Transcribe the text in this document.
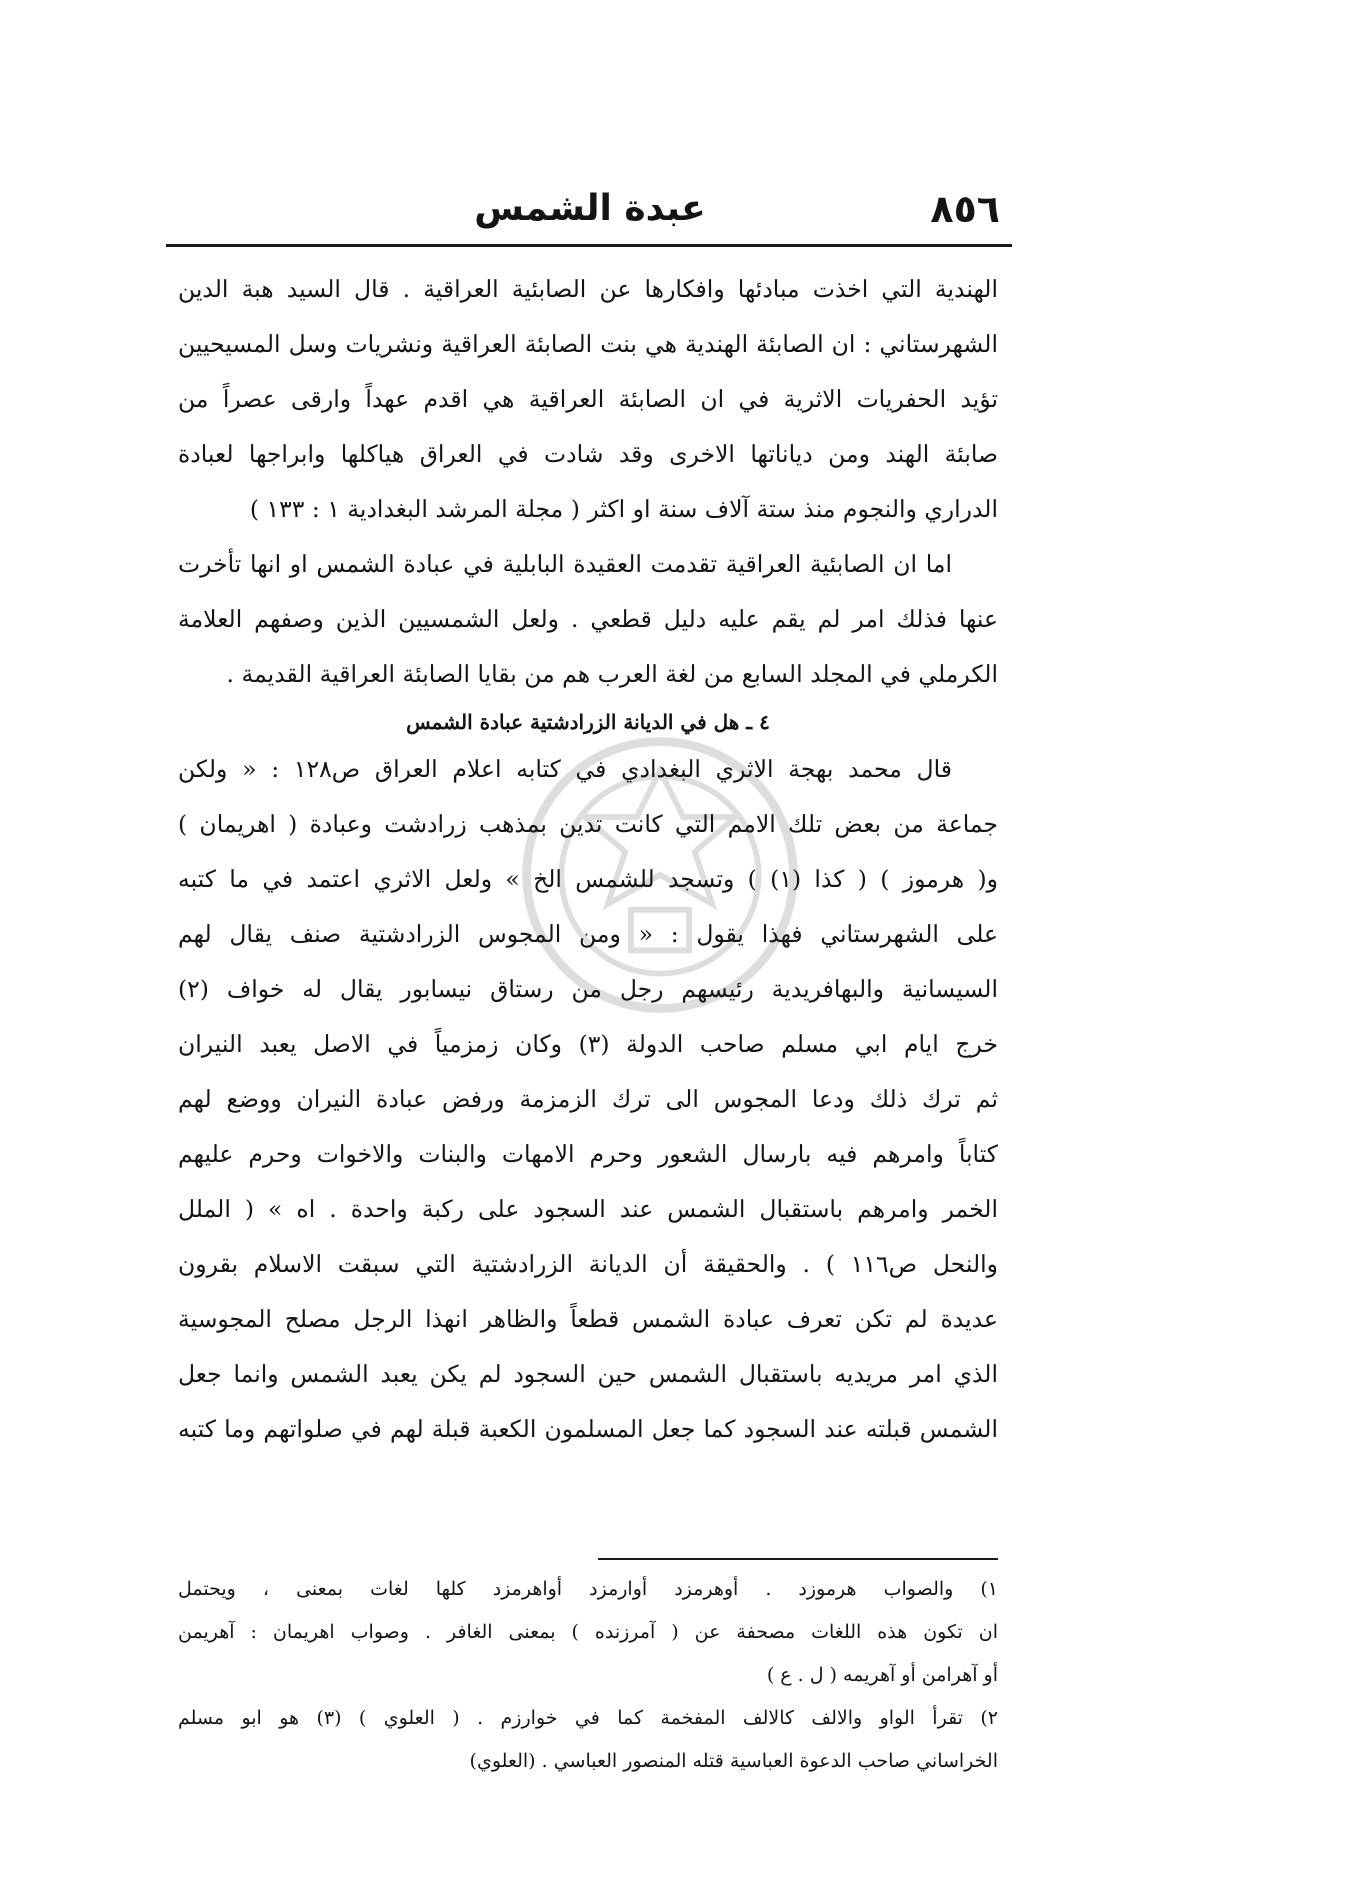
٨٥٦
عبدة الشمس
الهندية التي اخذت مبادئها وافكارها عن الصابئية العراقية . قال السيد هبة الدين
الشهرستاني : ان الصابئة الهندية هي بنت الصابئة العراقية ونشريات وسل المسيحيين
تؤيد الحفريات الاثرية في ان الصابئة العراقية هي اقدم عهداً وارقى عصراً من
صابئة الهند ومن دياناتها الاخرى وقد شادت في العراق هياكلها وابراجها لعبادة
الدراري والنجوم منذ ستة آلاف سنة او اكثر ( مجلة المرشد البغدادية ١ : ١٣٣ )
اما ان الصابئية العراقية تقدمت العقيدة البابلية في عبادة الشمس او انها تأخرت
عنها فذلك امر لم يقم عليه دليل قطعي . ولعل الشمسيين الذين وصفهم العلامة
الكرملي في المجلد السابع من لغة العرب هم من بقايا الصابئة العراقية القديمة .
٤ ـ هل في الديانة الزرادشتية عبادة الشمس
قال محمد بهجة الاثري البغدادي في كتابه اعلام العراق ص١٢٨ : « ولكن
جماعة من بعض تلك الامم التي كانت تدين بمذهب زرادشت وعبادة ( اهريمان )
و( هرموز ) ( كذا (١) ) وتسجد للشمس الخ » ولعل الاثري اعتمد في ما كتبه
على الشهرستاني فهذا يقول : « ومن المجوس الزرادشتية صنف يقال لهم
السيسانية والبهافريدية رئيسهم رجل من رستاق نيسابور يقال له خواف (٢)
خرج ايام ابي مسلم صاحب الدولة (٣) وكان زمزمياً في الاصل يعبد النيران
ثم ترك ذلك ودعا المجوس الى ترك الزمزمة ورفض عبادة النيران ووضع لهم
كتاباً وامرهم فيه بارسال الشعور وحرم الامهات والبنات والاخوات وحرم عليهم
الخمر وامرهم باستقبال الشمس عند السجود على ركبة واحدة . اه » ( الملل
والنحل ص١١٦ ) . والحقيقة أن الديانة الزرادشتية التي سبقت الاسلام بقرون
عديدة لم تكن تعرف عبادة الشمس قطعاً والظاهر انهذا الرجل مصلح المجوسية
الذي امر مريديه باستقبال الشمس حين السجود لم يكن يعبد الشمس وانما جعل
الشمس قبلته عند السجود كما جعل المسلمون الكعبة قبلة لهم في صلواتهم وما كتبه
١) والصواب هرموزد . أوهرمزد أوارمزد أواهرمزد كلها لغات بمعنى ، ويحتمل
ان تكون هذه اللغات مصحفة عن ( آمرزنده ) بمعنى الغافر . وصواب اهريمان : آهريمن
أو آهرامن أو آهريمه ( ل . ع )
٢) تقرأ الواو والالف كالالف المفخمة كما في خوارزم . ( العلوي ) (٣) هو ابو مسلم
الخراساني صاحب الدعوة العباسية قتله المنصور العباسي . (العلوي)
